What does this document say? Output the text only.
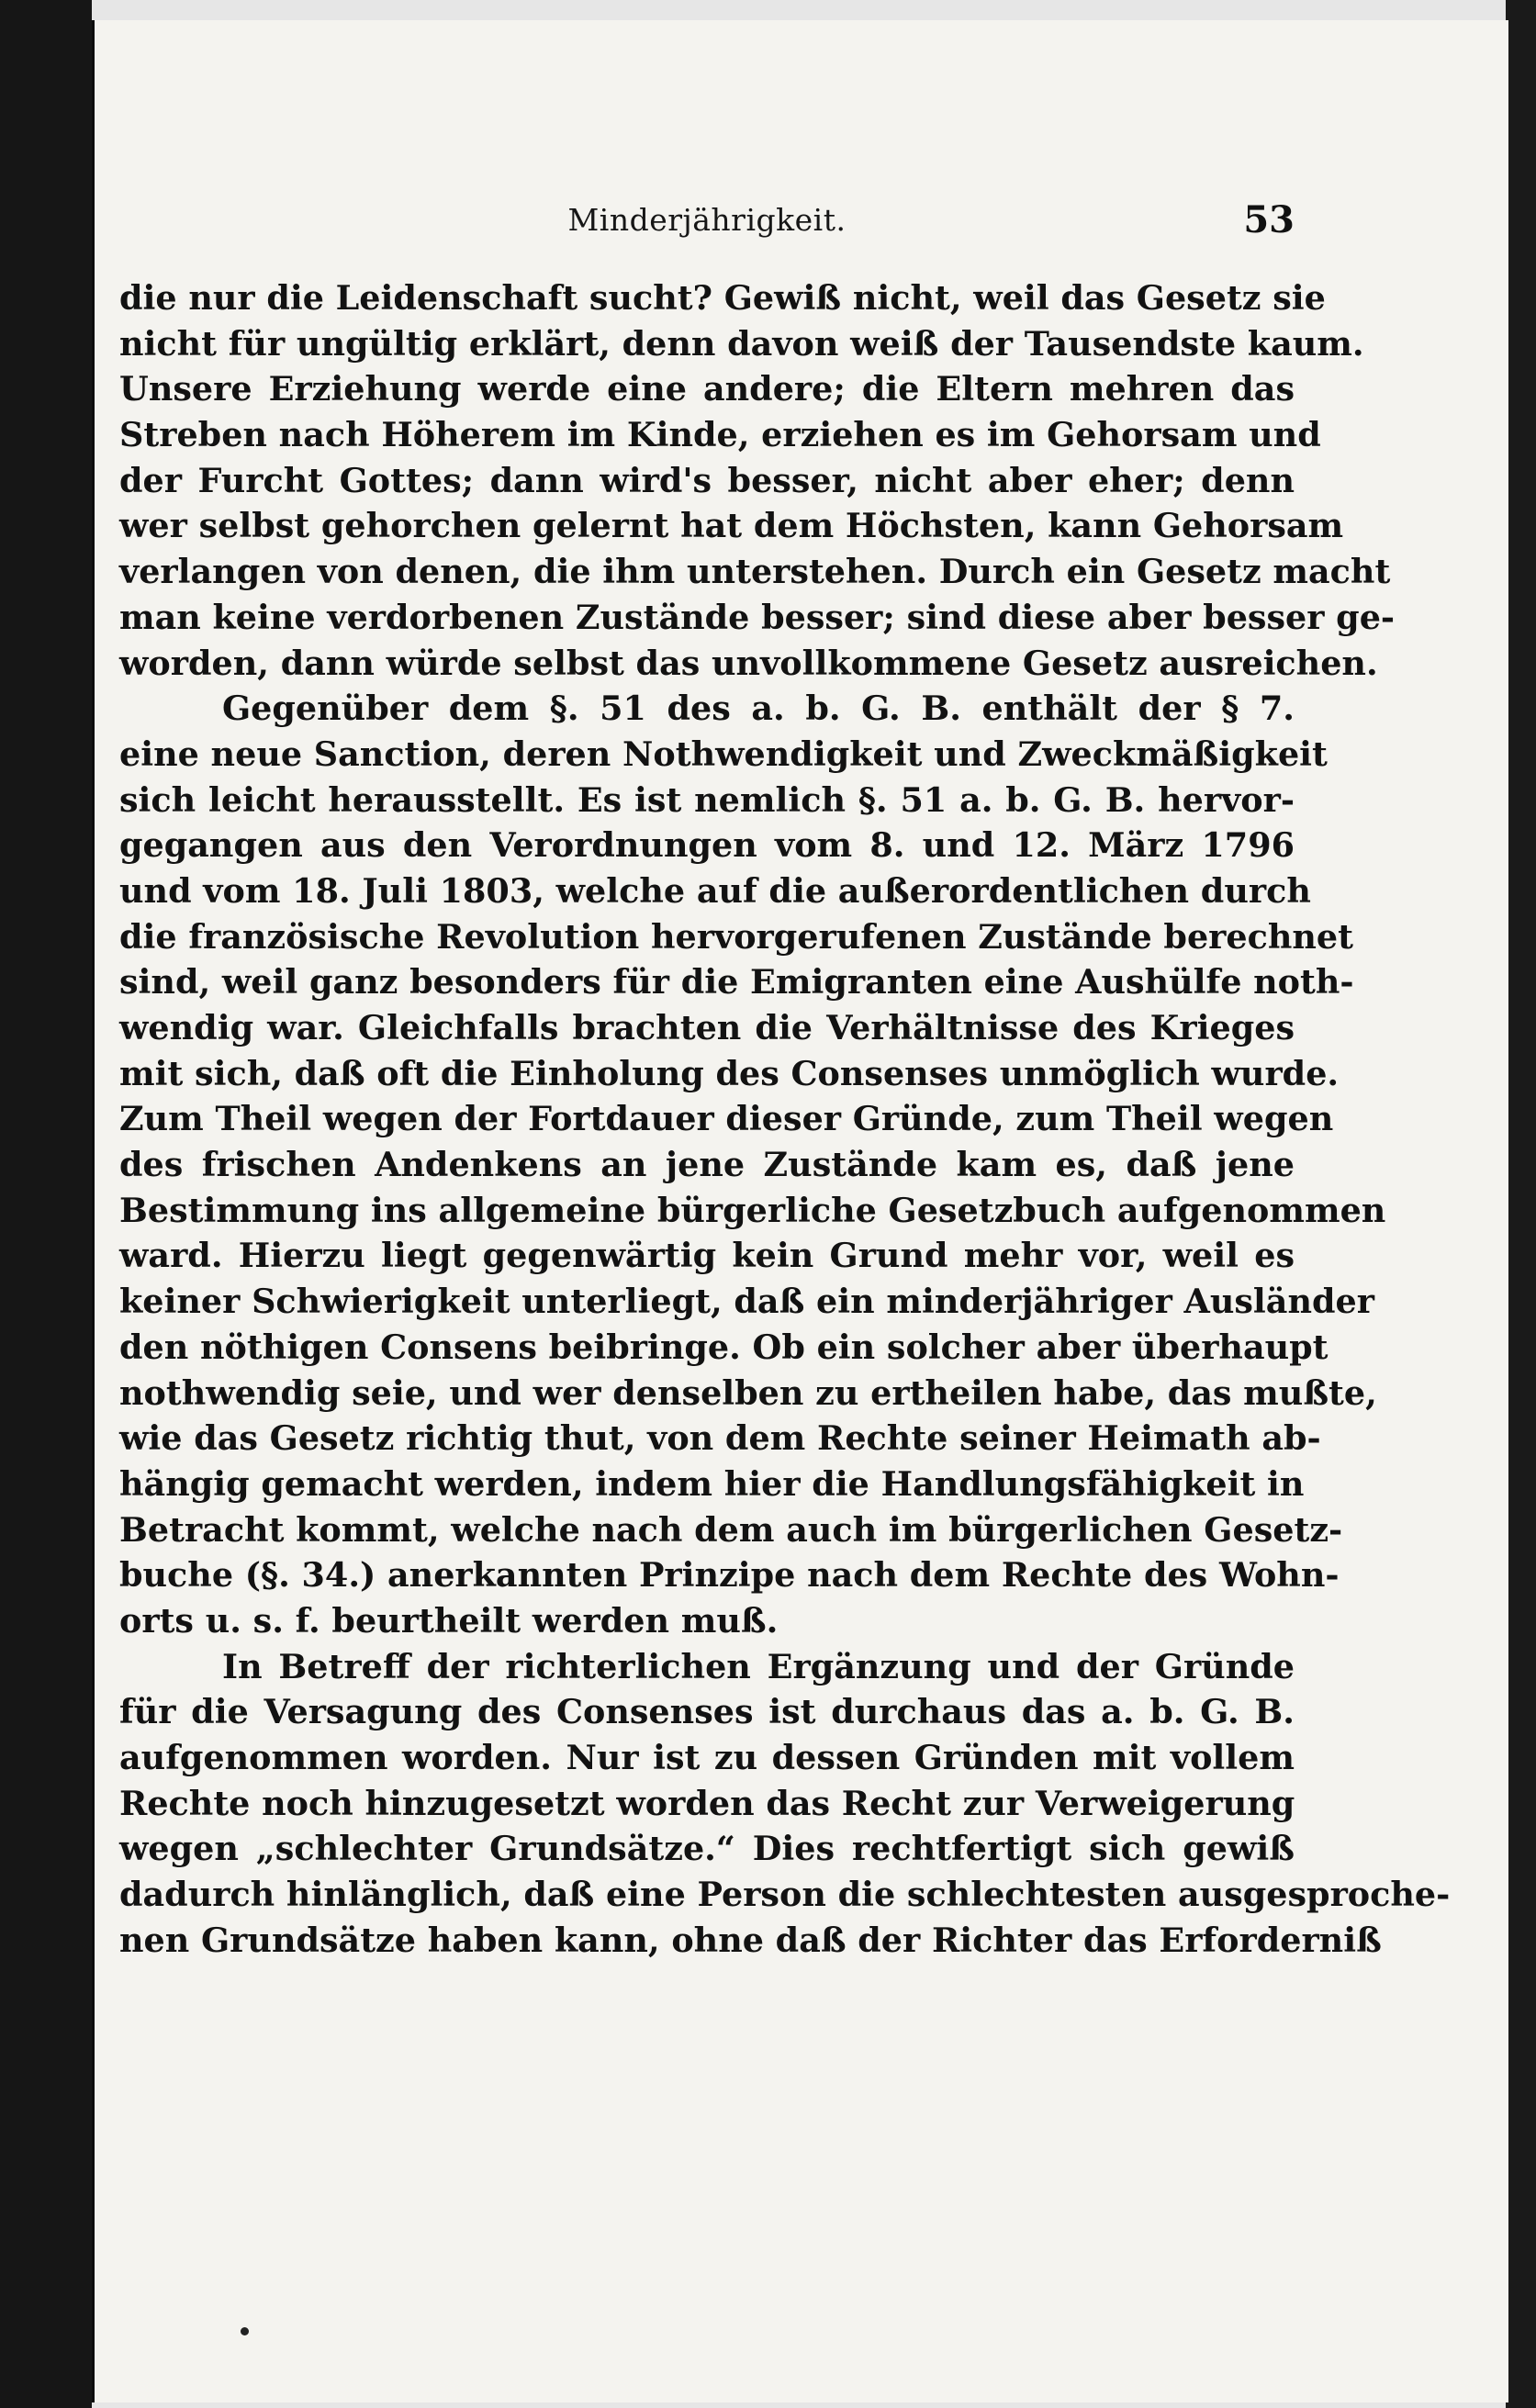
Minderjährigkeit.	53
die nur die Leidenschaft sucht? Gewiß nicht, weil das Gesetz sie
nicht für ungültig erklärt, denn davon weiß der Tausendste kaum.
Unsere Erziehung werde eine andere; die Eltern mehren das
Streben nach Höherem im Kinde, erziehen es im Gehorsam und
der Furcht Gottes; dann wird's besser, nicht aber eher; denn
wer selbst gehorchen gelernt hat dem Höchsten, kann Gehorsam
verlangen von denen, die ihm unterstehen. Durch ein Gesetz macht
man keine verdorbenen Zustände besser; sind diese aber besser ge-
worden, dann würde selbst das unvollkommene Gesetz ausreichen.
Gegenüber dem §. 51 des a. b. G. B. enthält der § 7.
eine neue Sanction, deren Nothwendigkeit und Zweckmäßigkeit
sich leicht herausstellt. Es ist nemlich §. 51 a. b. G. B. hervor-
gegangen aus den Verordnungen vom 8. und 12. März 1796
und vom 18. Juli 1803, welche auf die außerordentlichen durch
die französische Revolution hervorgerufenen Zustände berechnet
sind, weil ganz besonders für die Emigranten eine Aushülfe noth-
wendig war. Gleichfalls brachten die Verhältnisse des Krieges
mit sich, daß oft die Einholung des Consenses unmöglich wurde.
Zum Theil wegen der Fortdauer dieser Gründe, zum Theil wegen
des frischen Andenkens an jene Zustände kam es, daß jene
Bestimmung ins allgemeine bürgerliche Gesetzbuch aufgenommen
ward. Hierzu liegt gegenwärtig kein Grund mehr vor, weil es
keiner Schwierigkeit unterliegt, daß ein minderjähriger Ausländer
den nöthigen Consens beibringe. Ob ein solcher aber überhaupt
nothwendig seie, und wer denselben zu ertheilen habe, das mußte,
wie das Gesetz richtig thut, von dem Rechte seiner Heimath ab-
hängig gemacht werden, indem hier die Handlungsfähigkeit in
Betracht kommt, welche nach dem auch im bürgerlichen Gesetz-
buche (§. 34.) anerkannten Prinzipe nach dem Rechte des Wohn-
orts u. s. f. beurtheilt werden muß.
In Betreff der richterlichen Ergänzung und der Gründe
für die Versagung des Consenses ist durchaus das a. b. G. B.
aufgenommen worden. Nur ist zu dessen Gründen mit vollem
Rechte noch hinzugesetzt worden das Recht zur Verweigerung
wegen „schlechter Grundsätze.“ Dies rechtfertigt sich gewiß
dadurch hinlänglich, daß eine Person die schlechtesten ausgesproche-
nen Grundsätze haben kann, ohne daß der Richter das Erforderniß
